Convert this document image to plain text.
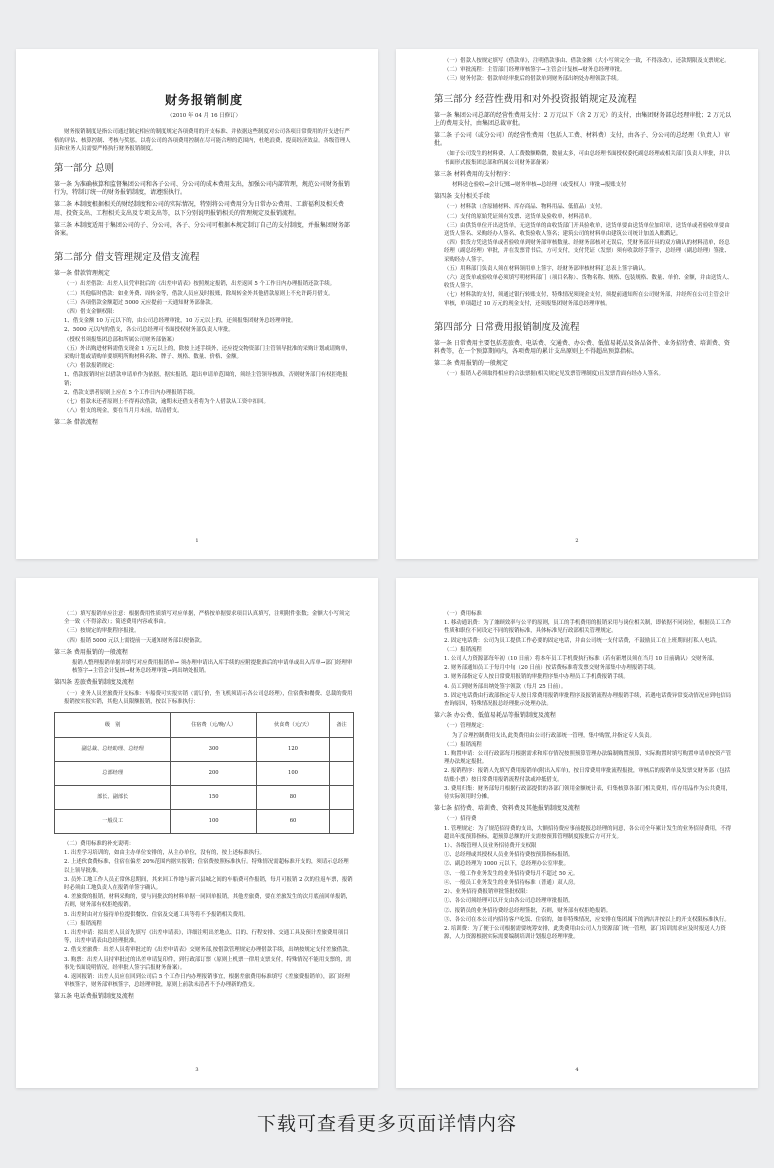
财务报销制度
（2010 年 04 月 16 日修订）

财务报销制度是指公司通过制定相应的制度规定各项费用的开支标准、并依据这些制度对公司各项日常费用的开支进行严格的评估、核算控制、考核与奖惩。以将公司的各项费用控制在尽可能合理的范围内，杜绝浪费，提高经济效益。各级管理人员和业务人员需要严格执行财务报销制度。

第一部分 总则

第一条 为准确核算和监督集团公司和各子公司、分公司的成本费用支出，加强公司内部管理，规范公司财务报销行为，特制订统一的财务报销制度，请遵照执行。

第二条 本制度根据相关的财经制度和公司的实际情况，特别将公司费用分为日常办公费用、工薪福利及相关费用、投资支出、工程相关支出及专项支出等，以下分别说明报销相关的管理规定及报销流程。

第三条 本制度适用于集团公司的子、分公司，各子、分公司可根据本规定制订自己的支付制度，并报集团财务部备案。

第二部分 借支管理规定及借支流程

第一条 借款管理规定

（一）出差借款：出差人员凭审批后的《出差申请表》按照规定报销，出差返回 5 个工作日内办理报销还款手续。

（二）其他临时借款：如业务费、周转金等，借款人员应及时报账，除周转金外其他借款原则上不允许跨月借支。

（三）各项借款金额超过 5000 元应提前一天通知财务部备款。

（四）借支金额权限：

1、借支金额 10 万元以下的，由公司总经理审批，10 万元以上的，还须报集团财务总经理审批。

2、5000 元以内的借支，各公司总经理可书面授权财务部负责人审批。

（授权书须报集团总部和所属公司财务部备案）

（五）外出购进材料需借支现金 1 万元以上的，除按上述手续外，还应提交物资部门主管领导批准的采购计划或请购单，采购计划或请购单要填明所购材料名称、牌子、规格、数量、价格、金额。

（六）借款报销规定：

1、借款报销时应以借款申请单作为依据，据实报销，超出申请单范围的，须经主管领导核准，否则财务部门有权拒绝报销；

2、借款支票者原则上应在 5 个工作日内办理报销手续。

（七）借款未还者原则上不得再次借款，逾期未还借支者将为个人借款从工资中扣回。

（八）借支的现金，要在当月月末前，结清借支。

第二条 借款流程

1

（一）借款人按规定填写《借款单》，注明借款事由、借款金额（大小写须完全一致，不得涂改），还款期限及支票规定。

（二）审批流程：主管部门经理审核签字→主管会计复核→财务总经理审批。

（三）财务付款：借款单经审批后的借款单到财务部出纳处办理领款手续。

第三部分 经营性费用和对外投资报销规定及流程

第一条 集团公司总部的经营性费用支付：2 万元以下（含 2 万元）的支付，由集团财务部总经理审批；2 万元以上的费用支付，由集团总裁审批。

第二条 子公司（或分公司）的经营性费用（包括人工费、材料费）支付，由各子、分公司的总经理（负责人）审批。

（如子公司发生的材料费、人工费数额略微，数量太多，可由总经理书面授权委托副总经理或相关部门负责人审批，并以书面形式报集团总部和所属公司财务部备案）

第三条 材料费用的支付程序：

材料送仓验收→会计记账→财务审核→总经理（或受权人）审批→报账支付

第四条 支付相关手续

（一）材料款（含原辅材料、库存商品、物料用品、低值品）支付。

（二）支付的原始凭证须有发票、送货单及验收单，材料清单。

（三）由供货单位开出送货单，无送货单的由收货部门开具验收单，送货单要由送货单位加印章，送货单或者验收单要由送货人签名、采购经办人签名、收货验收人签名；建筑公司的材料单由建筑公司统计加盖入账戳记。

（四）供货方凭送货单或者验收单到财务部审核数量、经财务部核对无误后，凭财务部开具的双方确认的材料清单，经总经理（副总经理）审批，并在发票背书后，方可支付，支付凭证（发票）须有收款经手签字，总经理（副总经理）签批、采购经办人签字。

（五）用料部门负责人须在材料领用单上签字，经财务部审核材料汇总表上签字确认。

（六）送货单或验收单必须填写明材料部门（项目名称）、货物名称、规格、包装规格、数量、单价、金额，并由送货人、收货人签字。

（七）材料款的支付，须通过银行转账支付，特殊情况须现金支付，须提前通知所在公司财务部，并经所在公司主管会计审核，单项超过 10 万元的现金支付，还须报集团财务部总经理审核。

第四部分 日常费用报销制度及流程

第一条 日常费用主要包括差旅费、电话费、交通费、办公费、低值易耗品及备品备件、业务招待费、培训费、资料费等，在一个预算期间内，各项费用的累计支出原则上不得超出预算指标。

第二条 费用报销的一般规定

（一）报销人必须取得相应的合法票据(相关规定见发票管理制度)且发票背面有经办人签名。

2

（二）填写报销单应注意：根据费用性质填写对应单据，严格按单据要求项目认真填写，注明附件张数；金额大小写须完全一致（不得涂改）；简述费用内容或事由。

（三）按规定的审批程序报批。

（四）报销 5000 元以上需提前一天通知财务部以便备款。

第三条 费用报销的一般流程

报销人整理报销单据并填写对应费用报销单→ 须办理申请出入库手续的应附提批准后的申请单或出入库单→部门经理审核签字→主管会计复核→财务总经理审批→到出纳处报销。

第四条 差旅费报销制度及流程

（一）业务人员差旅费开支标准：车船费可实报实销（需订价，坐飞机须请示各公司总经理），住宿费和餐费、总裁的费用报销按实报实销，其他人员限额报销，按以下标准执行：

级　别	住宿费（元/晚/人）	伙食费（元/天）	备注
副总裁、总经助理、总经理	300	120	
总部经理	200	100	
部长、副部长	150	80	
一般员工	100	60	

（二）费用标准的补充说明：

1. 出差学习培训的，如由主办单位安排的，从主办单位，没有的，按上述标准执行。

2. 上述伙食费标准，住宿在偏差 20%范围内据实报销；住宿费按照标准执行。特殊情况需超标准开支的，须请示总经理以上领导批准。

3. 员外工地工作人员正常休息期间，其来回工作地与新兴县城之间的车船费可作报销，每月可报销 2 次的往返车票，报销时必须由工地负责人在报销单签字确认。

4. 差旅费的报销，材料采购的，要与同批次的材料单据一同回单报销，其他差旅费，要在差旅发生的次月底前回单报销，否则，财务部有权拒绝报销。

5. 出差时由对方接待单位提供餐饮、住宿及交通工具等将不予报销相关费用。

（三）报销流程

1. 出差申请：拟出差人员首先填写《出差申请表》，详细注明出差地点、目的、行程安排、交通工具及预计差旅费用项目等，出差申请表由总经理批准。

2. 借支差旅费：出差人员将审批过的《出差申请表》交财务部,按借款管理规定办理借款手续，出纳按规定支付差旅借款。

3. 购票：出差人员持审批过的出差申请复印件，到行政部订票（原则上机票一律用支票支付，特殊情况不能用支票的，需事先书面说明情况，经审批人签字后报财务备案）。

4. 返回报销：出差人员应在回到公司后 5 个工作日内办理报销事宜，根据差旅费用标准填写《差旅费报销单》，部门经理审核签字，财务部审核签字，总经理审批，原则上前款未清者不予办理新的借支。

第五条 电话费报销制度及流程

3

（一）费用标准

1. 移动通讯费：为了兼顾效率与公平的原则，员工的手机费用的报销采用与岗位相关制，即依据不同岗位，根据员工工作性质和职位不同设定不同的报销标准，具体标准见行政部相关管理规定。

2. 固定电话费：公司为员工提供工作必要的固定电话，并由公司统一支付话费，不鼓励员工在上班期间打私人电话。

（二）报销流程

1. 公司人力资源部每年初（10 日前）将本年员工手机费执行标准（若有新增员须在当月 10 日前确认）交财务部。

2. 财务部通知员工于每月中旬（20 日前）按话费标准将发票交财务部集中办理报销手续。

3. 财务部指定专人按日常费用报销的审批程序集中办理员工手机费报销手续。

4. 员工到财务部出纳处签字领款（每月 25 日前）。

5. 固定电话费由行政部指定专人按日常费用报销审批程序及报销流程办理报销手续，若遇电话费异常变动情况应到电信局查询原因，特殊情况报总经理批示处理办法。

第六条 办公费、低值易耗品等报销制度及流程

（一）管理规定：

为了合理控制费用支出,此类费用由公司行政部统一管理，集中购置,并指定专人负责。

（二）报销流程

1. 购置申请：公司行政部每月根据需求和库存情况按照预算管理办法编制购置预算，实际购置时填写购置申请单按资产管理办法规定报批。

2. 报销程序：报销人先填写费用报销单(附出入库单)，按日常费用审批流程报批，审核后的报销单及发票交财务部（包括结账小票）按日常费用报销流程付款或冲抵借支。

3. 费用归集：财务部每月根据行政部提供的各部门领用金额统计表，归集核算各部门相关费用，库存用品作为公共费用，待实际领用时分摊。

第七条 招待费、培训费、资料费及其他报销制度及流程

（一）招待费

1. 管理规定：为了规范招待费的支出，大额招待费应事前提报总经理的同意，各公司全年累计发生的业务招待费用，不得超出年度预算指标，超预算总额的开支需按预算管理制度报批后方可开支。

1）、各级管理人员业务招待费开支权限

①、总经理或其授权人员业务招待费按预算指标报销。

②、副总经理为 1000 元以下，总经理办公室审批。

③、一般工作业务发生的业务招待费每月不超过 50 元。

④、一般员工业务发生的业务招待标准（普通）双人房。

2）、业务招待费报销审批签批权限：

①、各公司须经理可以开支由各公司总经理审批报销。

②、报销员的业务招待费经总经理签批，否则，财务部有权拒绝报销。

③、各公司在本公司内招待客户吃饭、住宿的，如非特殊情况，应安排在集团属下的酒店并按以上的开支权限标准执行。

2. 培训费：为了便于公司根据需要统筹安排，此类费用由公司人力资源部门统一管理，部门培训需求应及时报送人力资源，人力资源根据实际需要编制培训计划报总经理审批。

4
下载可查看更多页面详情内容
